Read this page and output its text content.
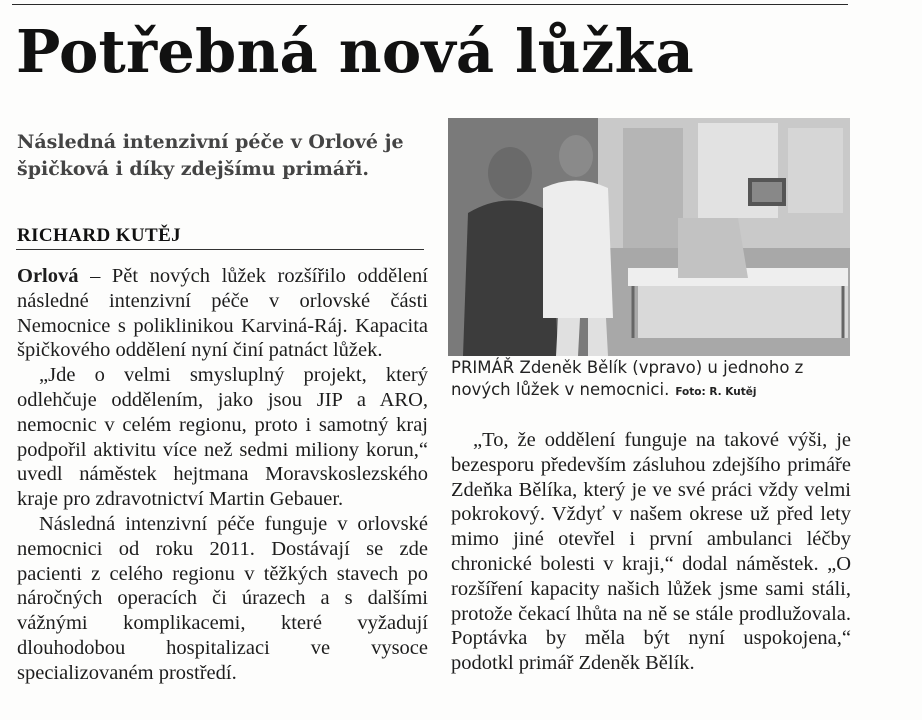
Potřebná nová lůžka

Následná intenzivní péče v Orlové je špičková i díky zdejšímu primáři.

RICHARD KUTĚJ

Orlová – Pět nových lůžek rozšířilo oddělení následné intenzivní péče v orlovské části Nemocnice s poliklinikou Karviná-Ráj. Kapacita špičkového oddělení nyní činí patnáct lůžek.

„Jde o velmi smysluplný projekt, který odlehčuje oddělením, jako jsou JIP a ARO, nemocnic v celém regionu, proto i samotný kraj podpořil aktivitu více než sedmi miliony korun,“ uvedl náměstek hejtmana Moravskoslezského kraje pro zdravotnictví Martin Gebauer.

Následná intenzivní péče funguje v orlovské nemocnici od roku 2011. Dostávají se zde pacienti z celého regionu v těžkých stavech po náročných operacích či úrazech a s dalšími vážnými komplikacemi, které vyžadují dlouhodobou hospitalizaci ve vysoce specializovaném prostředí.

PRIMÁŘ Zdeněk Bělík (vpravo) u jednoho z nových lůžek v nemocnici. Foto: R. Kutěj

„To, že oddělení funguje na takové výši, je bezesporu především zásluhou zdejšího primáře Zdeňka Bělíka, který je ve své práci vždy velmi pokrokový. Vždyť v našem okrese už před lety mimo jiné otevřel i první ambulanci léčby chronické bolesti v kraji,“ dodal náměstek. „O rozšíření kapacity našich lůžek jsme sami stáli, protože čekací lhůta na ně se stále prodlužovala. Poptávka by měla být nyní uspokojena,“ podotkl primář Zdeněk Bělík.
